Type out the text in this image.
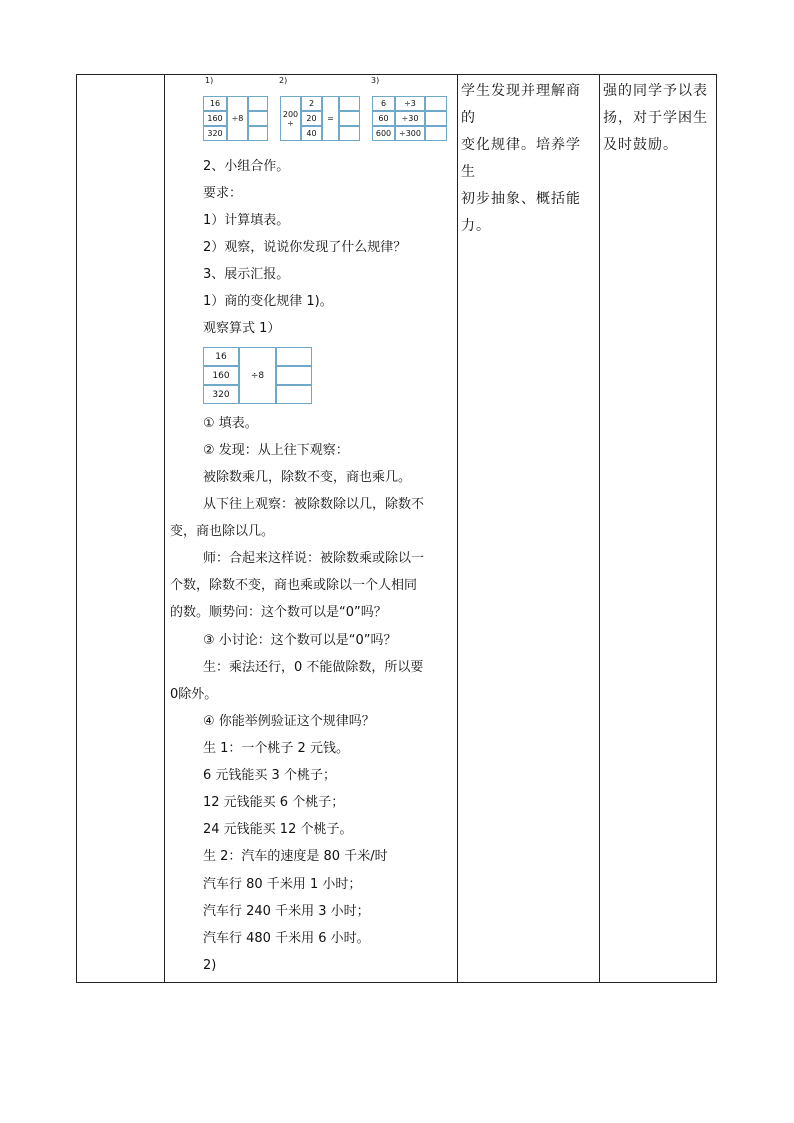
1)
16
160
320
÷8
2)
200
÷
2
20
40
=
3)
6
60
600
÷3
÷30
÷300
2、小组合作。
要求：
1）计算填表。
2）观察，说说你发现了什么规律？
3、展示汇报。
1）商的变化规律 1)。
观察算式 1）
16
160
320
÷8
① 填表。
② 发现：从上往下观察：
被除数乘几，除数不变，商也乘几。
从下往上观察：被除数除以几，除数不
变，商也除以几。
师：合起来这样说：被除数乘或除以一
个数，除数不变，商也乘或除以一个人相同
的数。顺势问：这个数可以是“0”吗？
③ 小讨论：这个数可以是“0”吗？
生：乘法还行，0 不能做除数，所以要
0除外。
④ 你能举例验证这个规律吗？
生 1：一个桃子 2 元钱。
6 元钱能买 3 个桃子；
12 元钱能买 6 个桃子；
24 元钱能买 12 个桃子。
生 2：汽车的速度是 80 千米/时
汽车行 80 千米用 1 小时；
汽车行 240 千米用 3 小时；
汽车行 480 千米用 6 小时。
2)

学生发现并理解商的

变化规律。培养学生

初步抽象、概括能

力。

强的同学予以表

扬，对于学困生

及时鼓励。
